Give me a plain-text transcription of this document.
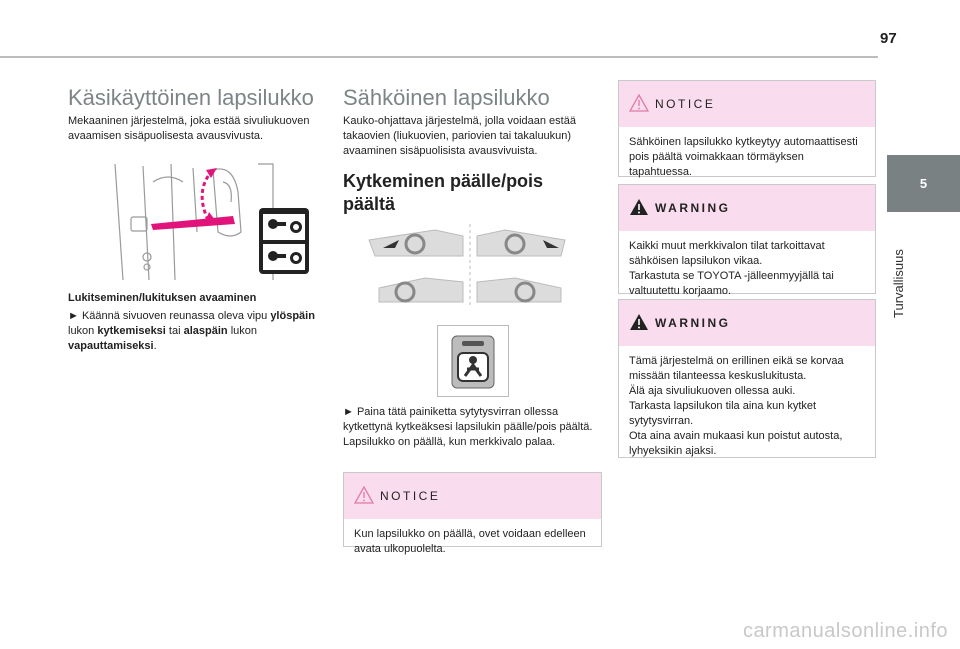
97
5
Turvallisuus
Käsikäyttöinen lapsilukko
Mekaaninen järjestelmä, joka estää sivuliukuoven avaamisen sisäpuolisesta avausvivusta.
Lukitseminen/lukituksen avaaminen
► Käännä sivuoven reunassa oleva vipu ylöspäin lukon kytkemiseksi tai alaspäin lukon vapauttamiseksi.
Sähköinen lapsilukko
Kauko-ohjattava järjestelmä, jolla voidaan estää takaovien (liukuovien, pariovien tai takaluukun) avaaminen sisäpuolisista avausvivuista.
Kytkeminen päälle/pois päältä
► Paina tätä painiketta sytytysvirran ollessa kytkettynä kytkeäksesi lapsilukin päälle/pois päältä.
Lapsilukko on päällä, kun merkkivalo palaa.
NOTICE
Kun lapsilukko on päällä, ovet voidaan edelleen avata ulkopuolelta.
NOTICE
Sähköinen lapsilukko kytkeytyy automaattisesti pois päältä voimakkaan törmäyksen tapahtuessa.
WARNING
Kaikki muut merkkivalon tilat tarkoittavat sähköisen lapsilukon vikaa.
Tarkastuta se TOYOTA -jälleenmyyjällä tai valtuutettu korjaamo.
WARNING
Tämä järjestelmä on erillinen eikä se korvaa missään tilanteessa keskuslukitusta.
Älä aja sivuliukuoven ollessa auki.
Tarkasta lapsilukon tila aina kun kytket sytytysvirran.
Ota aina avain mukaasi kun poistut autosta, lyhyeksikin ajaksi.
carmanualsonline.info
